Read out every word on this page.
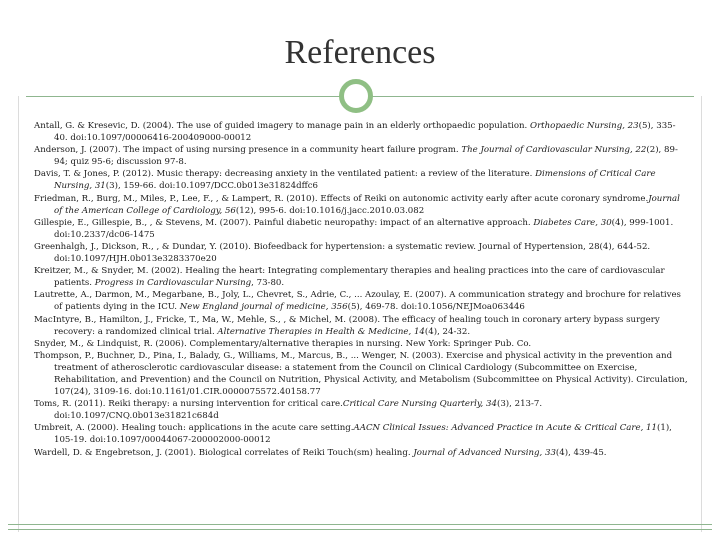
References

Antall, G. & Kresevic, D. (2004). The use of guided imagery to manage pain in an elderly orthopaedic population. Orthopaedic Nursing, 23(5), 335-40. doi:10.1097/00006416-200409000-00012

Anderson, J. (2007). The impact of using nursing presence in a community heart failure program. The Journal of Cardiovascular Nursing, 22(2), 89-94; quiz 95-6; discussion 97-8.

Davis, T. & Jones, P. (2012). Music therapy: decreasing anxiety in the ventilated patient: a review of the literature. Dimensions of Critical Care Nursing, 31(3), 159-66. doi:10.1097/DCC.0b013e31824dffc6

Friedman, R., Burg, M., Miles, P., Lee, F., , & Lampert, R. (2010). Effects of Reiki on autonomic activity early after acute coronary syndrome.Journal of the American College of Cardiology, 56(12), 995-6. doi:10.1016/j.jacc.2010.03.082

Gillespie, E., Gillespie, B., , & Stevens, M. (2007). Painful diabetic neuropathy: impact of an alternative approach. Diabetes Care, 30(4), 999-1001. doi:10.2337/dc06-1475

Greenhalgh, J., Dickson, R., , & Dundar, Y. (2010). Biofeedback for hypertension: a systematic review. Journal of Hypertension, 28(4), 644-52. doi:10.1097/HJH.0b013e3283370e20

Kreitzer, M., & Snyder, M. (2002). Healing the heart: Integrating complementary therapies and healing practices into the care of cardiovascular patients. Progress in Cardiovascular Nursing, 73-80.

Lautrette, A., Darmon, M., Megarbane, B., Joly, L., Chevret, S., Adrie, C., ... Azoulay, E. (2007). A communication strategy and brochure for relatives of patients dying in the ICU. New England journal of medicine, 356(5), 469-78. doi:10.1056/NEJMoa063446

MacIntyre, B., Hamilton, J., Fricke, T., Ma, W., Mehle, S., , & Michel, M. (2008). The efficacy of healing touch in coronary artery bypass surgery recovery: a randomized clinical trial. Alternative Therapies in Health & Medicine, 14(4), 24-32.

Snyder, M., & Lindquist, R. (2006). Complementary/alternative therapies in nursing. New York: Springer Pub. Co.

Thompson, P., Buchner, D., Pina, I., Balady, G., Williams, M., Marcus, B., ... Wenger, N. (2003). Exercise and physical activity in the prevention and treatment of atherosclerotic cardiovascular disease: a statement from the Council on Clinical Cardiology (Subcommittee on Exercise, Rehabilitation, and Prevention) and the Council on Nutrition, Physical Activity, and Metabolism (Subcommittee on Physical Activity). Circulation, 107(24), 3109-16. doi:10.1161/01.CIR.0000075572.40158.77

Toms, R. (2011). Reiki therapy: a nursing intervention for critical care.Critical Care Nursing Quarterly, 34(3), 213-7. doi:10.1097/CNQ.0b013e31821c684d

Umbreit, A. (2000). Healing touch: applications in the acute care setting.AACN Clinical Issues: Advanced Practice in Acute & Critical Care, 11(1), 105-19. doi:10.1097/00044067-200002000-00012

Wardell, D. & Engebretson, J. (2001). Biological correlates of Reiki Touch(sm) healing. Journal of Advanced Nursing, 33(4), 439-45.
